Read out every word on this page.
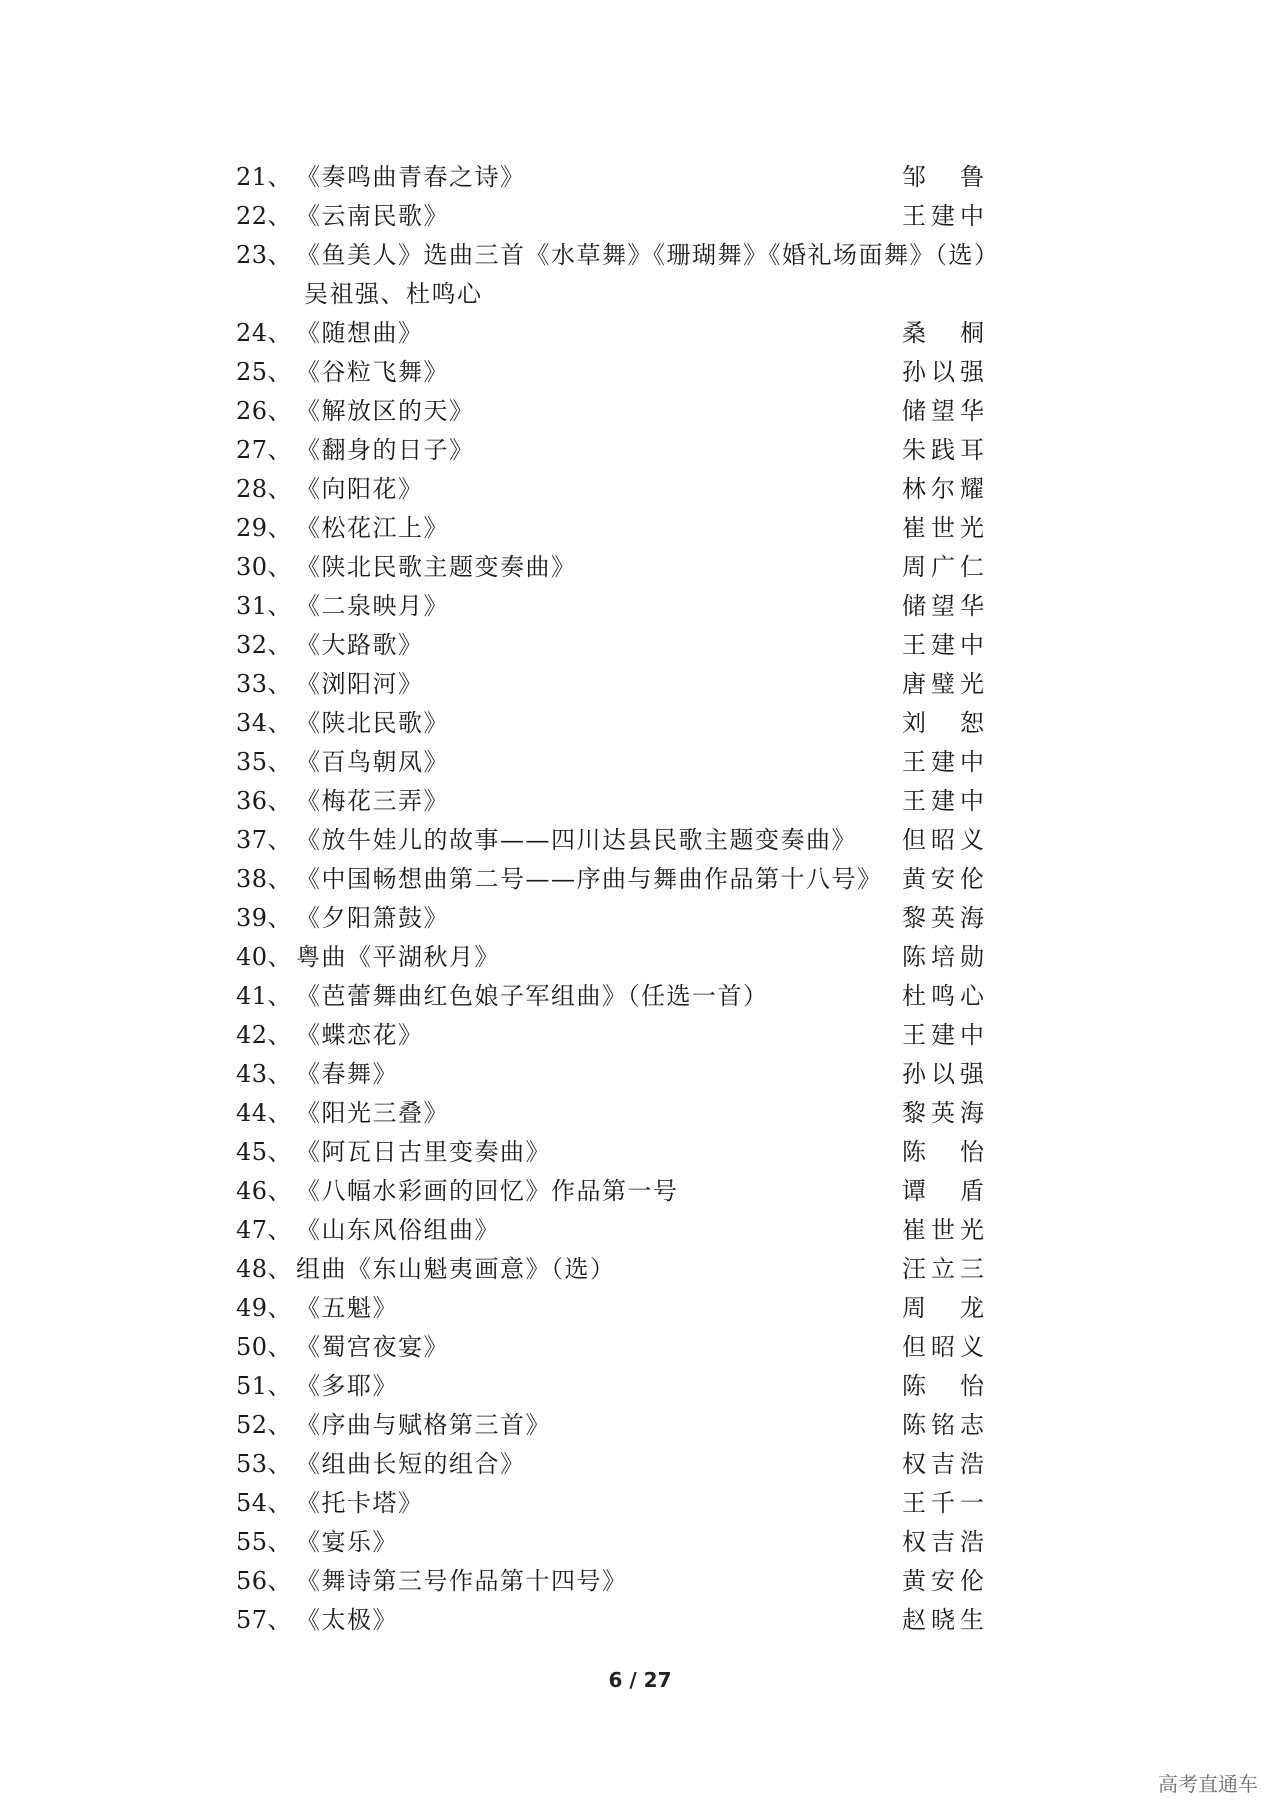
21、 《奏鸣曲青春之诗》	邹 鲁
22、 《云南民歌》	王建中
23、 《鱼美人》选曲三首《水草舞》《珊瑚舞》《婚礼场面舞》（选）
吴祖强、杜鸣心
24、 《随想曲》	桑 桐
25、 《谷粒飞舞》	孙以强
26、 《解放区的天》	储望华
27、 《翻身的日子》	朱践耳
28、 《向阳花》	林尔耀
29、 《松花江上》	崔世光
30、 《陕北民歌主题变奏曲》	周广仁
31、 《二泉映月》	储望华
32、 《大路歌》	王建中
33、 《浏阳河》	唐璧光
34、 《陕北民歌》	刘 恕
35、 《百鸟朝凤》	王建中
36、 《梅花三弄》	王建中
37、 《放牛娃儿的故事——四川达县民歌主题变奏曲》 但昭义
38、 《中国畅想曲第二号——序曲与舞曲作品第十八号》 黄安伦
39、 《夕阳箫鼓》	黎英海
40、 粤曲《平湖秋月》	陈培勋
41、 《芭蕾舞曲红色娘子军组曲》（任选一首）	杜鸣心
42、 《蝶恋花》	王建中
43、 《春舞》	孙以强
44、 《阳光三叠》	黎英海
45、 《阿瓦日古里变奏曲》	陈 怡
46、 《八幅水彩画的回忆》作品第一号	谭 盾
47、 《山东风俗组曲》	崔世光
48、 组曲《东山魁夷画意》（选）	汪立三
49、 《五魁》	周 龙
50、 《蜀宫夜宴》	但昭义
51、 《多耶》	陈 怡
52、 《序曲与赋格第三首》	陈铭志
53、 《组曲长短的组合》	权吉浩
54、 《托卡塔》	王千一
55、 《宴乐》	权吉浩
56、 《舞诗第三号作品第十四号》	黄安伦
57、 《太极》	赵晓生
6 / 27
高考直通车
